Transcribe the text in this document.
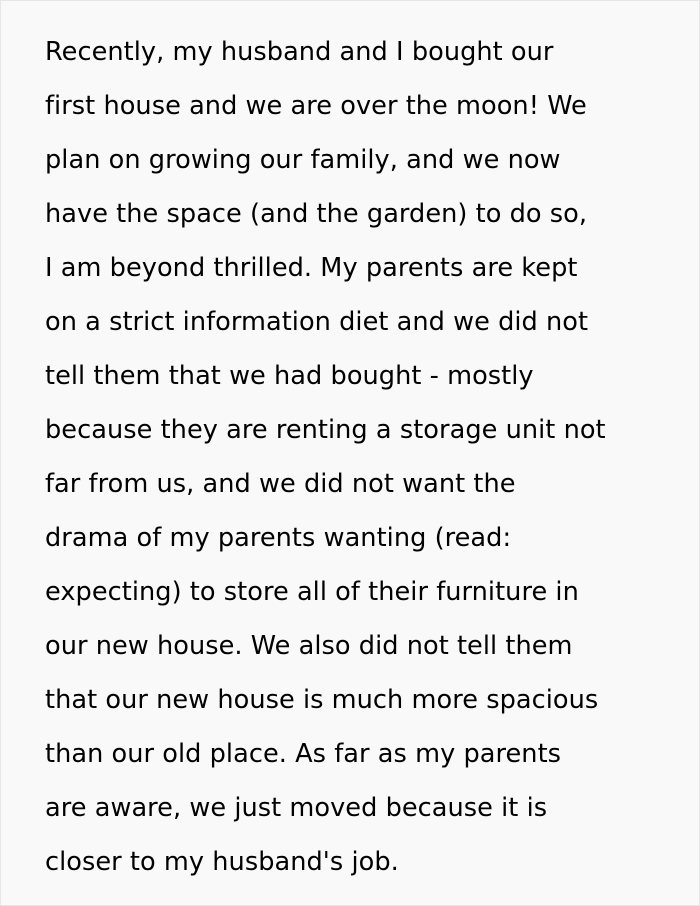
Recently, my husband and I bought our
first house and we are over the moon! We
plan on growing our family, and we now
have the space (and the garden) to do so,
I am beyond thrilled. My parents are kept
on a strict information diet and we did not
tell them that we had bought - mostly
because they are renting a storage unit not
far from us, and we did not want the
drama of my parents wanting (read:
expecting) to store all of their furniture in
our new house. We also did not tell them
that our new house is much more spacious
than our old place. As far as my parents
are aware, we just moved because it is
closer to my husband's job.
